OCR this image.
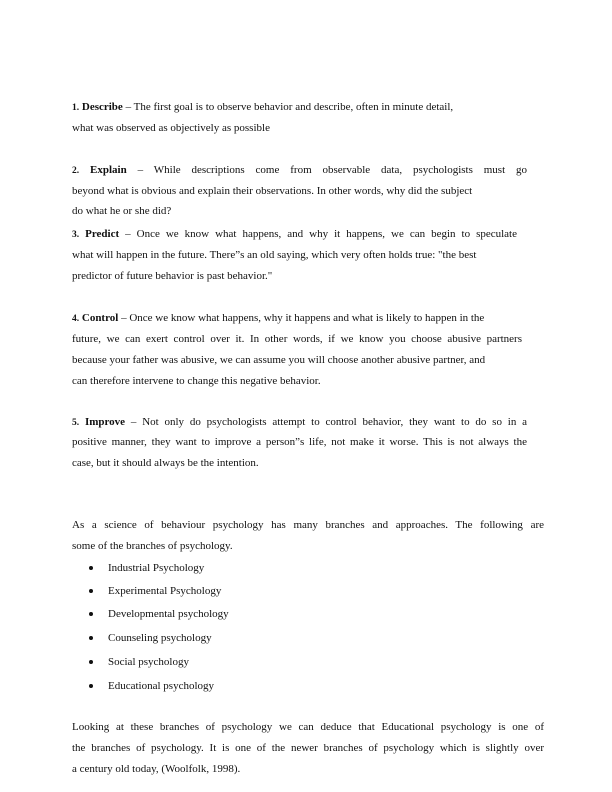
1. Describe – The first goal is to observe behavior and describe, often in minute detail,
what was observed as objectively as possible
2. Explain – While descriptions come from observable data, psychologists must go
beyond what is obvious and explain their observations. In other words, why did the subject
do what he or she did?
3. Predict – Once we know what happens, and why it happens, we can begin to speculate
what will happen in the future. There”s an old saying, which very often holds true: "the best
predictor of future behavior is past behavior."
4. Control – Once we know what happens, why it happens and what is likely to happen in the
future, we can exert control over it. In other words, if we know you choose abusive partners
because your father was abusive, we can assume you will choose another abusive partner, and
can therefore intervene to change this negative behavior.
5. Improve – Not only do psychologists attempt to control behavior, they want to do so in a
positive manner, they want to improve a person”s life, not make it worse. This is not always the
case, but it should always be the intention.
As a science of behaviour psychology has many branches and approaches. The following are
some of the branches of psychology.
Industrial Psychology
Experimental Psychology
Developmental psychology
Counseling psychology
Social psychology
Educational psychology
Looking at these branches of psychology we can deduce that Educational psychology is one of
the branches of psychology. It is one of the newer branches of psychology which is slightly over
a century old today, (Woolfolk, 1998).
